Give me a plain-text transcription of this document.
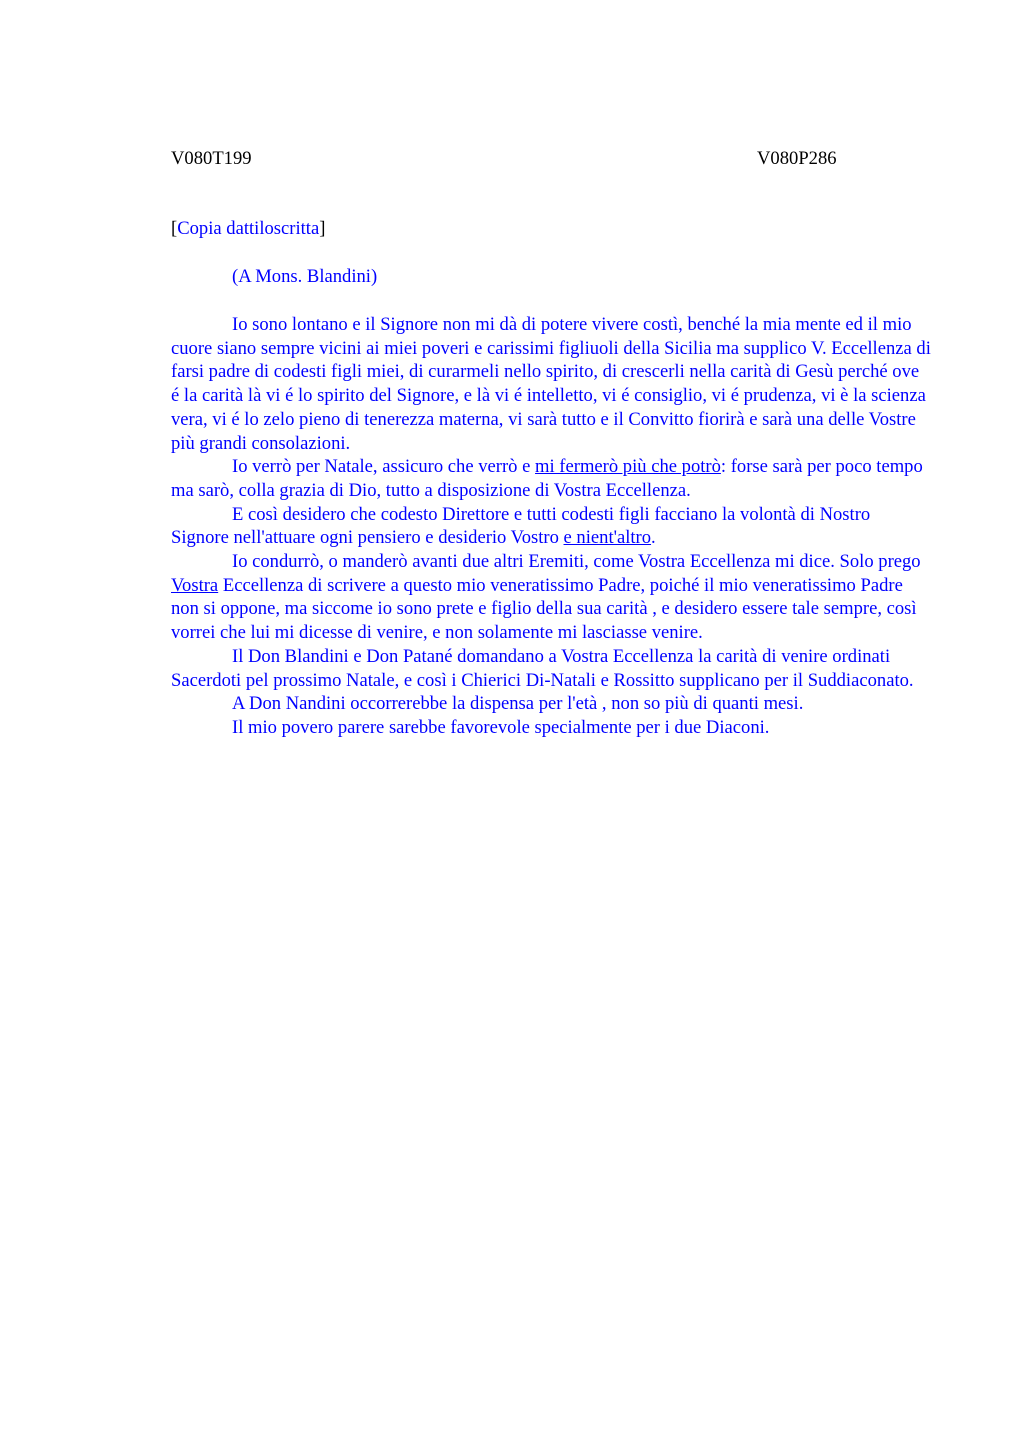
V080T199	V080P286
[Copia dattiloscritta]
(A Mons. Blandini)

Io sono lontano e il Signore non mi dà di potere vivere costì, benché la mia mente ed il mio cuore siano sempre vicini ai miei poveri e carissimi figliuoli della Sicilia ma supplico V. Eccellenza di farsi padre di codesti figli miei, di curarmeli nello spirito, di crescerli nella carità di Gesù perché ove é la carità là vi é lo spirito del Signore, e là vi é intelletto, vi é consiglio, vi é prudenza, vi è la scienza vera, vi é lo zelo pieno di tenerezza materna, vi sarà tutto e il Convitto fiorirà e sarà una delle Vostre più grandi consolazioni.

Io verrò per Natale, assicuro che verrò e mi fermerò più che potrò: forse sarà per poco tempo ma sarò, colla grazia di Dio, tutto a disposizione di Vostra Eccellenza.

E così desidero che codesto Direttore e tutti codesti figli facciano la volontà di Nostro Signore nell'attuare ogni pensiero e desiderio Vostro e nient'altro.

Io condurrò, o manderò avanti due altri Eremiti, come Vostra Eccellenza mi dice. Solo prego Vostra Eccellenza di scrivere a questo mio veneratissimo Padre, poiché il mio veneratissimo Padre non si oppone, ma siccome io sono prete e figlio della sua carità , e desidero essere tale sempre, così vorrei che lui mi dicesse di venire, e non solamente mi lasciasse venire.

Il Don Blandini e Don Patané domandano a Vostra Eccellenza la carità di venire ordinati Sacerdoti pel prossimo Natale, e così i Chierici Di-Natali e Rossitto supplicano per il Suddiaconato.

A Don Nandini occorrerebbe la dispensa per l'età , non so più di quanti mesi.

Il mio povero parere sarebbe favorevole specialmente per i due Diaconi.
